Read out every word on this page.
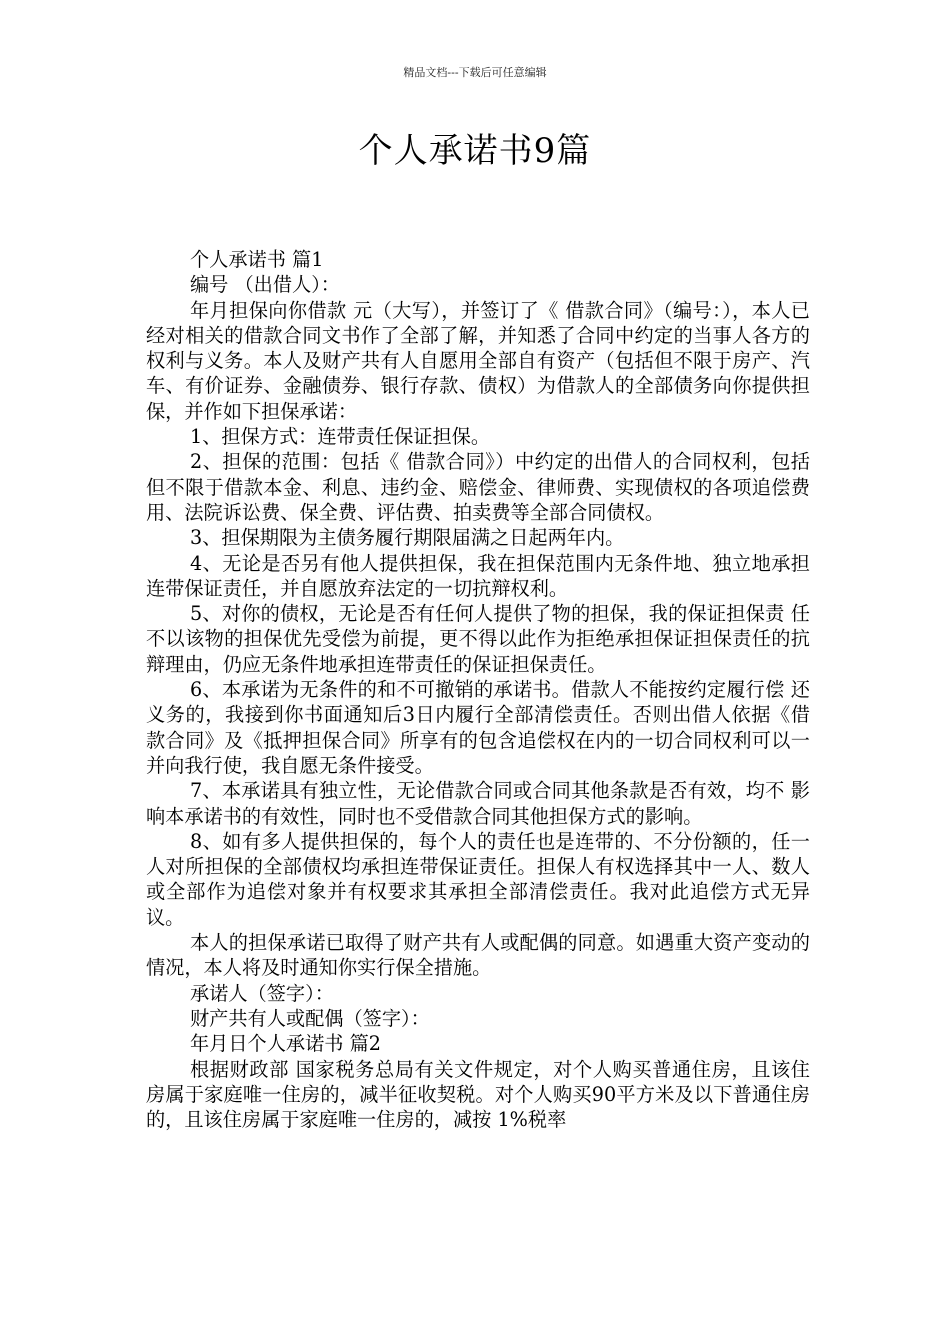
精品文档---下载后可任意编辑
个人承诺书9篇

个人承诺书 篇1

编号 （出借人）：

年月担保向你借款 元（大写），并签订了《 借款合同》（编号：），本人已经对相关的借款合同文书作了全部了解，并知悉了合同中约定的当事人各方的权利与义务。本人及财产共有人自愿用全部自有资产（包括但不限于房产、汽车、有价证券、金融债券、银行存款、债权）为借款人的全部债务向你提供担保，并作如下担保承诺：

1、担保方式：连带责任保证担保。

2、担保的范围：包括《 借款合同》）中约定的出借人的合同权利，包括但不限于借款本金、利息、违约金、赔偿金、律师费、实现债权的各项追偿费用、法院诉讼费、保全费、评估费、拍卖费等全部合同债权。

3、担保期限为主债务履行期限届满之日起两年内。

4、无论是否另有他人提供担保，我在担保范围内无条件地、独立地承担连带保证责任，并自愿放弃法定的一切抗辩权利。

5、对你的债权，无论是否有任何人提供了物的担保，我的保证担保责 任不以该物的担保优先受偿为前提，更不得以此作为拒绝承担保证担保责任的抗辩理由，仍应无条件地承担连带责任的保证担保责任。

6、本承诺为无条件的和不可撤销的承诺书。借款人不能按约定履行偿 还义务的，我接到你书面通知后3日内履行全部清偿责任。否则出借人依据《借款合同》及《抵押担保合同》所享有的包含追偿权在内的一切合同权利可以一并向我行使，我自愿无条件接受。

7、本承诺具有独立性，无论借款合同或合同其他条款是否有效，均不 影响本承诺书的有效性，同时也不受借款合同其他担保方式的影响。

8、如有多人提供担保的，每个人的责任也是连带的、不分份额的，任一人对所担保的全部债权均承担连带保证责任。担保人有权选择其中一人、数人或全部作为追偿对象并有权要求其承担全部清偿责任。我对此追偿方式无异议。

本人的担保承诺已取得了财产共有人或配偶的同意。如遇重大资产变动的情况，本人将及时通知你实行保全措施。

承诺人（签字）：

财产共有人或配偶（签字）：

年月日个人承诺书 篇2

根据财政部 国家税务总局有关文件规定，对个人购买普通住房，且该住房属于家庭唯一住房的，减半征收契税。对个人购买90平方米及以下普通住房的，且该住房属于家庭唯一住房的，减按 1%税率
